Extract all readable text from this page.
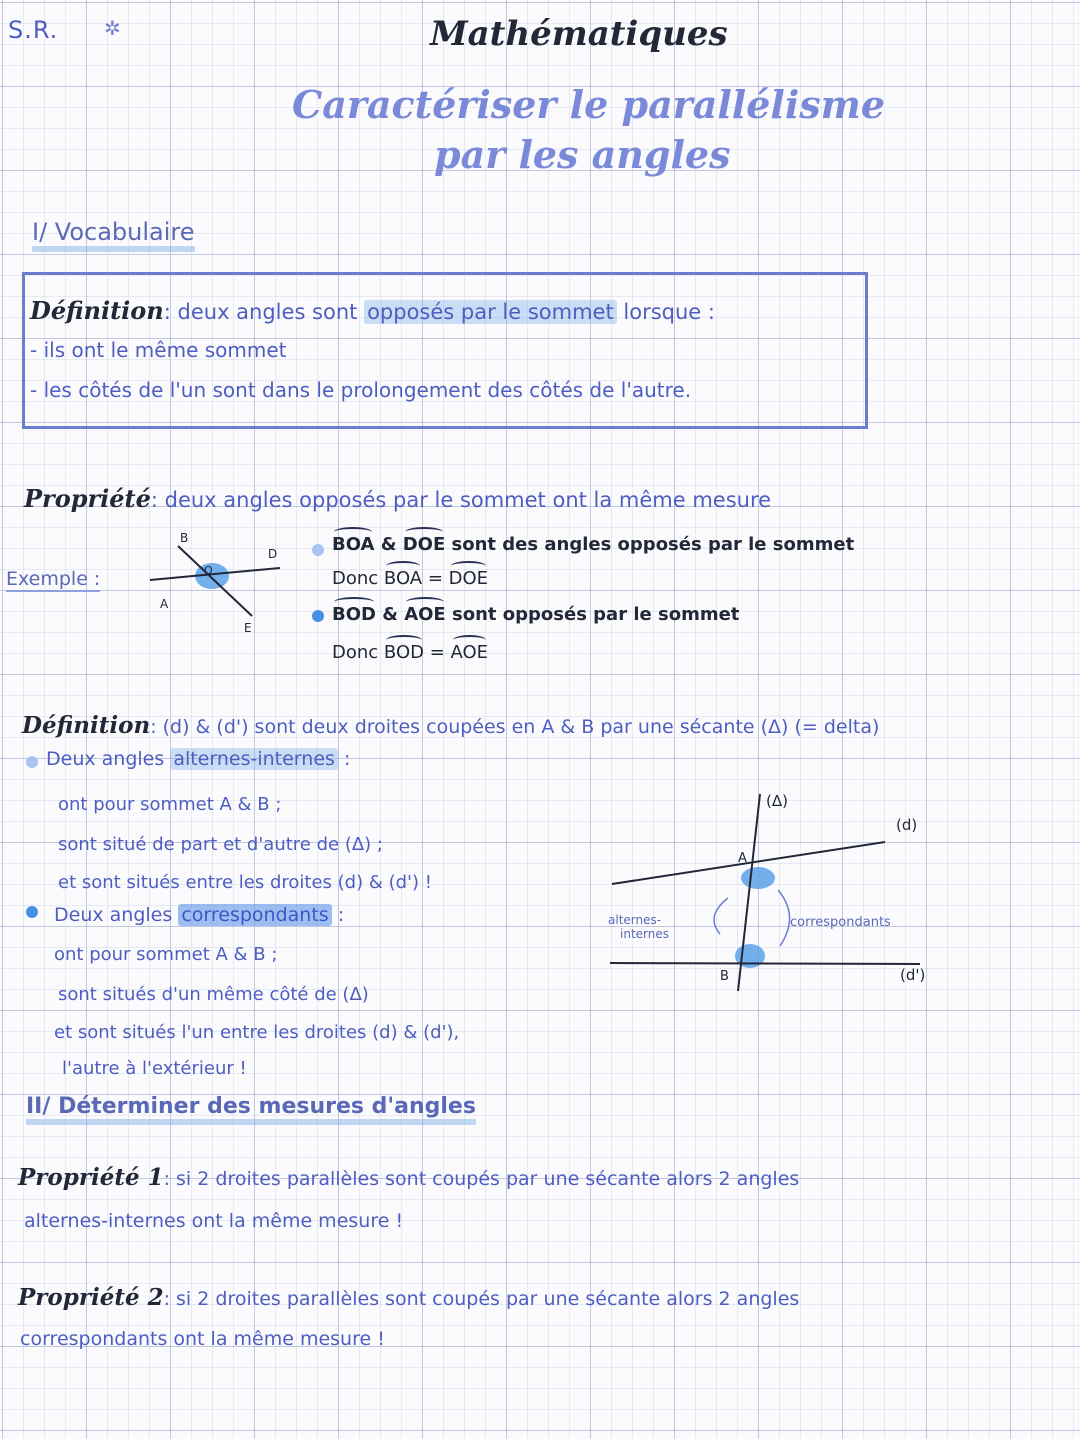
S.R. ✲	Mathématiques
Caractériser le parallélisme
par les angles
I/ Vocabulaire
Définition: deux angles sont opposés par le sommet lorsque :
- ils ont le même sommet
- les côtés de l'un sont dans le prolongement des côtés de l'autre.
Propriété: deux angles opposés par le sommet ont la même mesure
Exemple :
B
D
O
A
E
BOA & DOE sont des angles opposés par le sommet
Donc BOA = DOE
BOD & AOE sont opposés par le sommet
Donc BOD = AOE
Définition: (d) & (d') sont deux droites coupées en A & B par une sécante (Δ) (= delta)
Deux angles alternes-internes :
ont pour sommet A & B ;
sont situé de part et d'autre de (Δ) ;
et sont situés entre les droites (d) & (d') !
Deux angles correspondants :
ont pour sommet A & B ;
sont situés d'un même côté de (Δ)
et sont situés l'un entre les droites (d) & (d'),
l'autre à l'extérieur !
(Δ)
(d)
(d')
A
B
alternes-
internes
correspondants
II/ Déterminer des mesures d'angles
Propriété 1: si 2 droites parallèles sont coupés par une sécante alors 2 angles
alternes-internes ont la même mesure !
Propriété 2: si 2 droites parallèles sont coupés par une sécante alors 2 angles
correspondants ont la même mesure !
